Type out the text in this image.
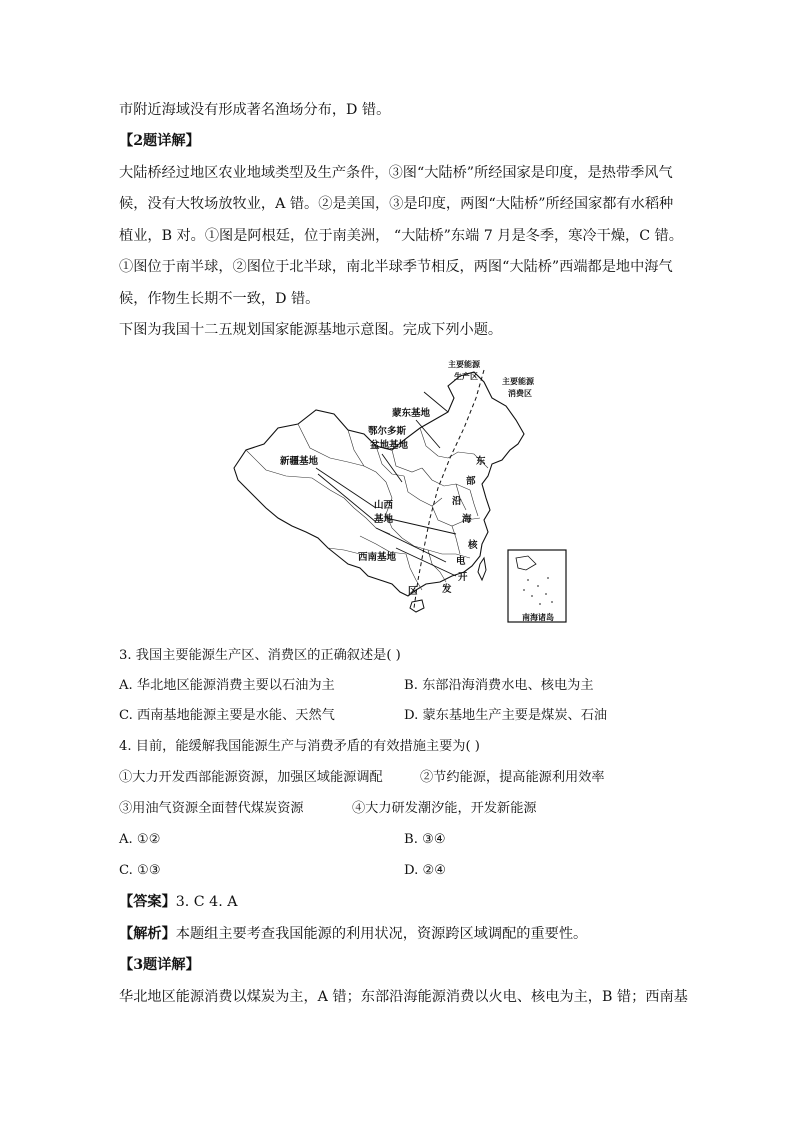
市附近海域没有形成著名渔场分布，D 错。
【2题详解】
大陆桥经过地区农业地域类型及生产条件，③图“大陆桥”所经国家是印度，是热带季风气
候，没有大牧场放牧业，A 错。②是美国，③是印度，两图“大陆桥”所经国家都有水稻种
植业，B 对。①图是阿根廷，位于南美洲， “大陆桥”东端 7 月是冬季，寒冷干燥，C 错。
①图位于南半球，②图位于北半球，南北半球季节相反，两图“大陆桥”西端都是地中海气
候，作物生长期不一致，D 错。
下图为我国十二五规划国家能源基地示意图。完成下列小题。
南海诸岛
主要能源
生产区	主要能源
消费区
蒙东基地
鄂尔多斯
盆地基地
新疆基地
山西
基地
西南基地
东
部
沿
海
核
电
开
发
区
3. 我国主要能源生产区、消费区的正确叙述是( )
A. 华北地区能源消费主要以石油为主	B. 东部沿海消费水电、核电为主
C. 西南基地能源主要是水能、天然气	D. 蒙东基地生产主要是煤炭、石油
4. 目前，能缓解我国能源生产与消费矛盾的有效措施主要为( )
①大力开发西部能源资源，加强区域能源调配	②节约能源，提高能源利用效率
③用油气资源全面替代煤炭资源	④大力研发潮汐能，开发新能源
A. ①②	B. ③④
C. ①③	D. ②④
【答案】3. C 4. A
【解析】本题组主要考查我国能源的利用状况，资源跨区域调配的重要性。
【3题详解】
华北地区能源消费以煤炭为主，A 错；东部沿海能源消费以火电、核电为主，B 错；西南基
